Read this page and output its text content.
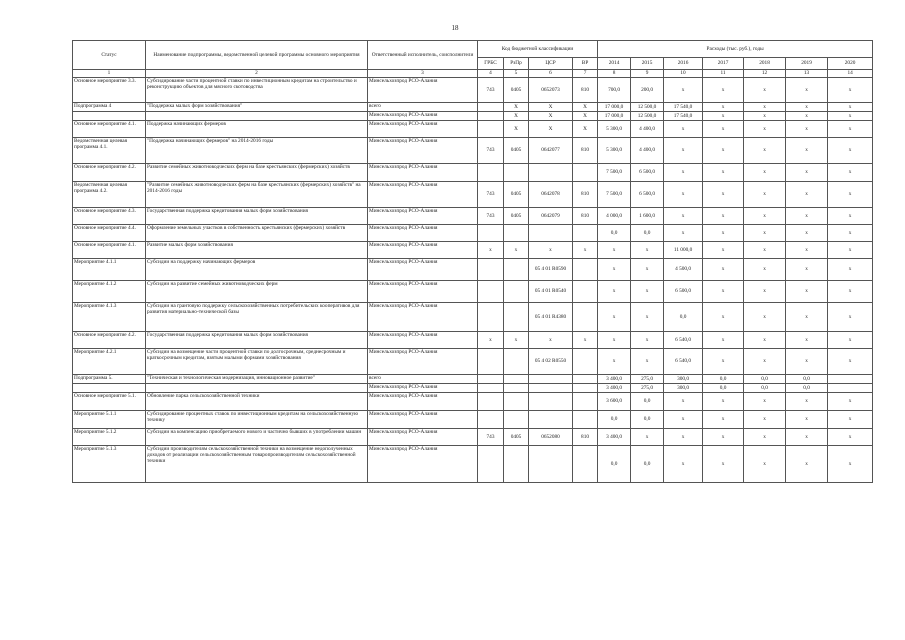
18
Статус	Наименование подпрограммы, ведомственной целевой программы основного мероприятия	Ответственный исполнитель, соисполнители	Код бюджетной классификации				Расходы (тыс. руб.), годы						
			ГРБС	РзПр	ЦСР	ВР	2014	2015	2016	2017	2018	2019	2020
1	2	3	4	5	6	7	8	9	10	11	12	13	14
Основное мероприятие 3.3.	Субсидирование части процентной ставки по инвестиционным кредитам на строительство и реконструкцию объектов для мясного скотоводства	Минсельхозпрод РСО-Алания	743	0405	0652073	810	700,0	200,0	х	х	х	х	х
Подпрограмма 4	"Поддержка малых форм хозяйствования"	всего		Х	Х	Х	17 000,0	12 500,0	17 540,0	х	х	х	х
		Минсельхозпрод РСО-Алания		Х	Х	Х	17 000,0	12 500,0	17 540,0	х	х	х	х
Основное мероприятие 4.1.	Поддержка начинающих фермеров	Минсельхозпрод РСО-Алания		Х	Х	Х	5 300,0	4 400,0	х	х	х	х	х
Ведомственная целевая программа 4.1.	"Поддержка начинающих фермеров" на 2014-2016 годы	Минсельхозпрод РСО-Алания	743	0405	0642077	810	5 300,0	4 400,0	х	х	х	х	х
Основное мероприятие 4.2.	Развитие семейных животноводческих ферм на базе крестьянских (фермерских) хозяйств	Минсельхозпрод РСО-Алания					7 500,0	6 500,0	х	х	х	х	х
Ведомственная целевая программа 4.2.	"Развитие семейных животноводческих ферм на базе крестьянских (фермерских) хозяйств" на 2014-2016 годы	Минсельхозпрод РСО-Алания	743	0405	0642078	810	7 500,0	6 500,0	х	х	х	х	х
Основное мероприятие 4.3.	Государственная поддержка кредитования малых форм хозяйствования	Минсельхозпрод РСО-Алания	743	0405	0642079	810	4 000,0	1 600,0	х	х	х	х	х
Основное мероприятие 4.4.	Оформление земельных участков в собственность крестьянских (фермерских) хозяйств	Минсельхозпрод РСО-Алания					0,0	0,0	х	х	х	х	х
Основное мероприятие 4.1.	Развитие малых форм хозяйствования	Минсельхозпрод РСО-Алания	х	х	х	х	х	х	11 000,0	х	х	х	х
Мероприятие 4.1.1	Субсидии на поддержку начинающих фермеров	Минсельхозпрод РСО-Алания			05 4 01 R0590		х	х	4 500,0	х	х	х	х
Мероприятие 4.1.2	Субсидии на развитие семейных животноводческих ферм	Минсельхозпрод РСО-Алания			05 4 01 R0540		х	х	6 500,0	х	х	х	х
Мероприятие 4.1.3	Субсидии на грантовую поддержку сельскохозяйственных потребительских кооперативов для развития материально-технической базы	Минсельхозпрод РСО-Алания			05 4 01 R4380		х	х	0,0	х	х	х	х
Основное мероприятие 4.2.	Государственная поддержка кредитования малых форм хозяйствования	Минсельхозпрод РСО-Алания	х	х	х	х	х	х	6 540,0	х	х	х	х
Мероприятие 4.2.1	Субсидии на возмещение части процентной ставки по долгосрочным, среднесрочным и краткосрочным кредитам, взятым малыми формами хозяйствования	Минсельхозпрод РСО-Алания			05 4 02 R0550		х	х	6 540,0	х	х	х	х
Подпрограмма 5.	"Техническая и технологическая модернизация, инновационное развитие"	всего					3 400,0	275,0	300,0	0,0	0,0	0,0	
		Минсельхозпрод РСО-Алания					3 400,0	275,0	300,0	0,0	0,0	0,0	
Основное мероприятие 5.1.	Обновление парка сельскохозяйственной техники	Минсельхозпрод РСО-Алания					3 600,0	0,0	х	х	х	х	х
Мероприятие 5.1.1	Субсидирование процентных ставок по инвестиционным кредитам на сельскохозяйственную технику	Минсельхозпрод РСО-Алания					0,0	0,0	х	х	х	х	х
Мероприятие 5.1.2	Субсидии на компенсацию приобретаемого нового и частично бывших в употреблении машин	Минсельхозпрод РСО-Алания	743	0405	0652080	810	3 400,0	х	х	х	х	х	х
Мероприятие 5.1.3	Субсидии производителям сельскохозяйственной техники на возмещение недополученных доходов от реализации сельскохозяйственным товаропроизводителям сельскохозяйственной техники	Минсельхозпрод РСО-Алания					0,0	0,0	х	х	х	х	х
